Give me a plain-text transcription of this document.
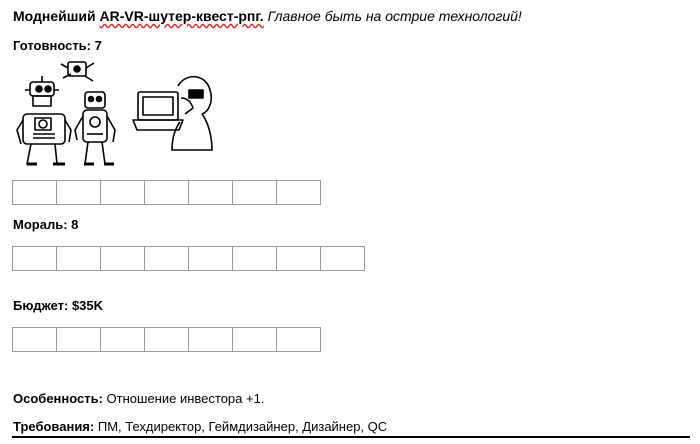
Моднейший AR-VR-шутер-квест-рпг. Главное быть на острие технологий!
Готовность: 7
Мораль: 8
Бюджет: $35K
Особенность: Отношение инвестора +1.
Требования: ПМ, Техдиректор, Геймдизайнер, Дизайнер, QC
